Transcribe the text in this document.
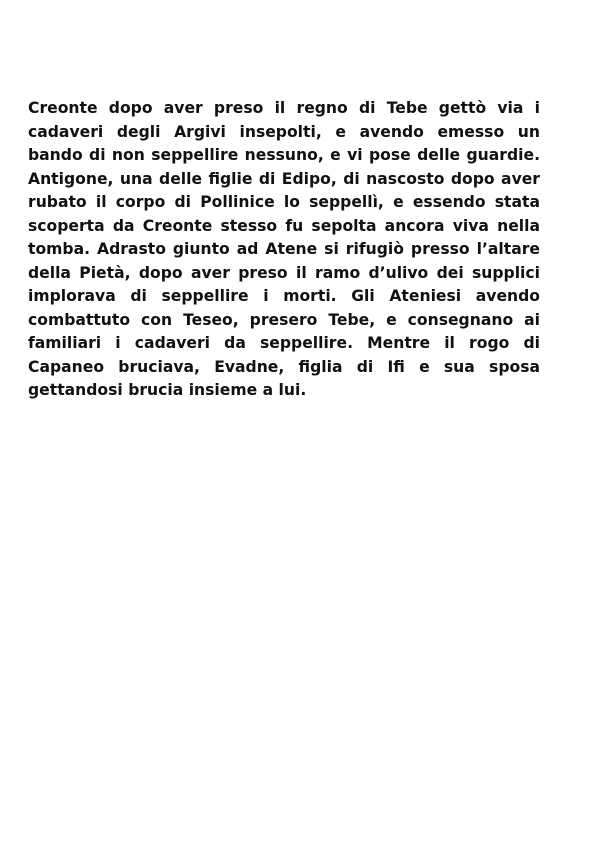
Creonte dopo aver preso il regno di Tebe gettò via i cadaveri degli Argivi insepolti, e avendo emesso un bando di non seppellire nessuno, e vi pose delle guardie. Antigone, una delle figlie di Edipo, di nascosto dopo aver rubato il corpo di Pollinice lo seppellì, e essendo stata scoperta da Creonte stesso fu sepolta ancora viva nella tomba. Adrasto giunto ad Atene si rifugiò presso l’altare della Pietà, dopo aver preso il ramo d’ulivo dei supplici implorava di seppellire i morti. Gli Ateniesi avendo combattuto con Teseo, presero Tebe, e consegnano ai familiari i cadaveri da seppellire. Mentre il rogo di Capaneo bruciava, Evadne, figlia di Ifi e sua sposa gettandosi brucia insieme a lui.
